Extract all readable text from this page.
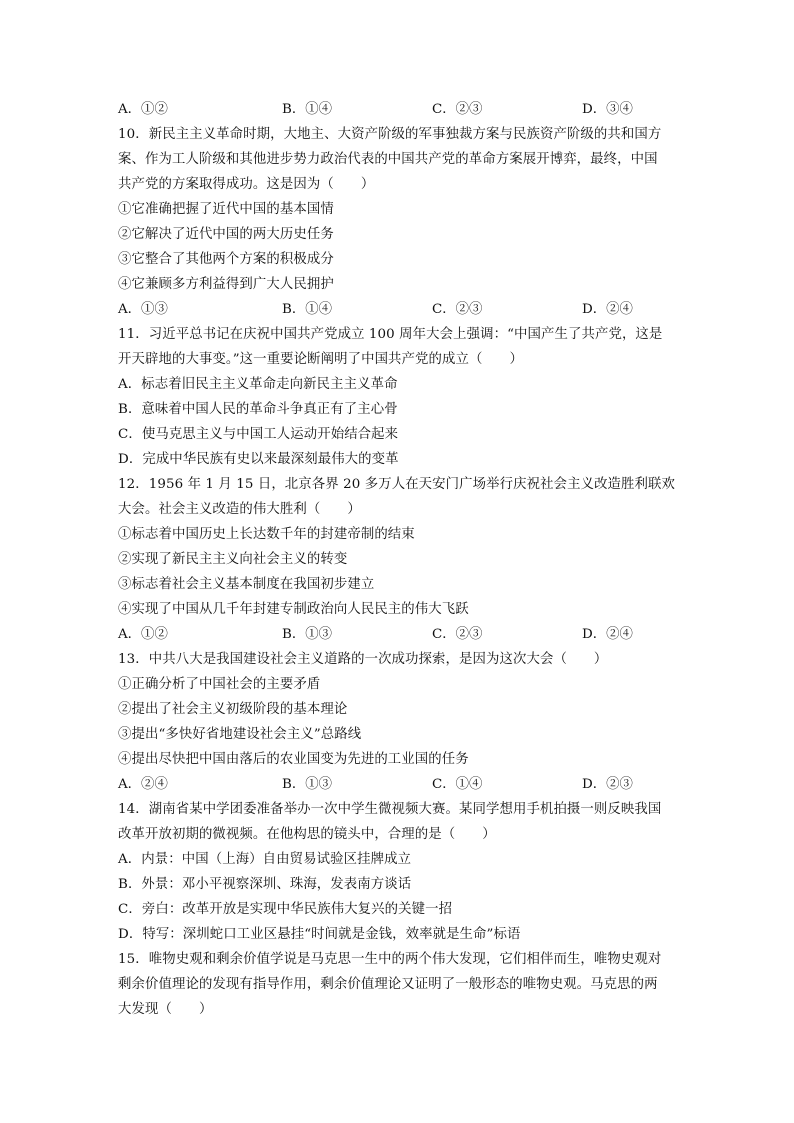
A．①②	B．①④	C．②③	D．③④
10．新民主主义革命时期，大地主、大资产阶级的军事独裁方案与民族资产阶级的共和国方
案、作为工人阶级和其他进步势力政治代表的中国共产党的革命方案展开博弈，最终，中国
共产党的方案取得成功。这是因为（　　）
①它准确把握了近代中国的基本国情
②它解决了近代中国的两大历史任务
③它整合了其他两个方案的积极成分
④它兼顾多方利益得到广大人民拥护
A．①③	B．①④	C．②③	D．②④
11．习近平总书记在庆祝中国共产党成立 100 周年大会上强调：“中国产生了共产党，这是
开天辟地的大事变。”这一重要论断阐明了中国共产党的成立（　　）
A．标志着旧民主主义革命走向新民主主义革命
B．意味着中国人民的革命斗争真正有了主心骨
C．使马克思主义与中国工人运动开始结合起来
D．完成中华民族有史以来最深刻最伟大的变革
12．1956 年 1 月 15 日，北京各界 20 多万人在天安门广场举行庆祝社会主义改造胜利联欢
大会。社会主义改造的伟大胜利（　　）
①标志着中国历史上长达数千年的封建帝制的结束
②实现了新民主主义向社会主义的转变
③标志着社会主义基本制度在我国初步建立
④实现了中国从几千年封建专制政治向人民民主的伟大飞跃
A．①②	B．①③	C．②③	D．②④
13．中共八大是我国建设社会主义道路的一次成功探索，是因为这次大会（　　）
①正确分析了中国社会的主要矛盾
②提出了社会主义初级阶段的基本理论
③提出“多快好省地建设社会主义”总路线
④提出尽快把中国由落后的农业国变为先进的工业国的任务
A．②④	B．①③	C．①④	D．②③
14．湖南省某中学团委准备举办一次中学生微视频大赛。某同学想用手机拍摄一则反映我国
改革开放初期的微视频。在他构思的镜头中，合理的是（　　）
A．内景：中国（上海）自由贸易试验区挂牌成立
B．外景：邓小平视察深圳、珠海，发表南方谈话
C．旁白：改革开放是实现中华民族伟大复兴的关键一招
D．特写：深圳蛇口工业区悬挂“时间就是金钱，效率就是生命”标语
15．唯物史观和剩余价值学说是马克思一生中的两个伟大发现，它们相伴而生，唯物史观对
剩余价值理论的发现有指导作用，剩余价值理论又证明了一般形态的唯物史观。马克思的两
大发现（　　）
